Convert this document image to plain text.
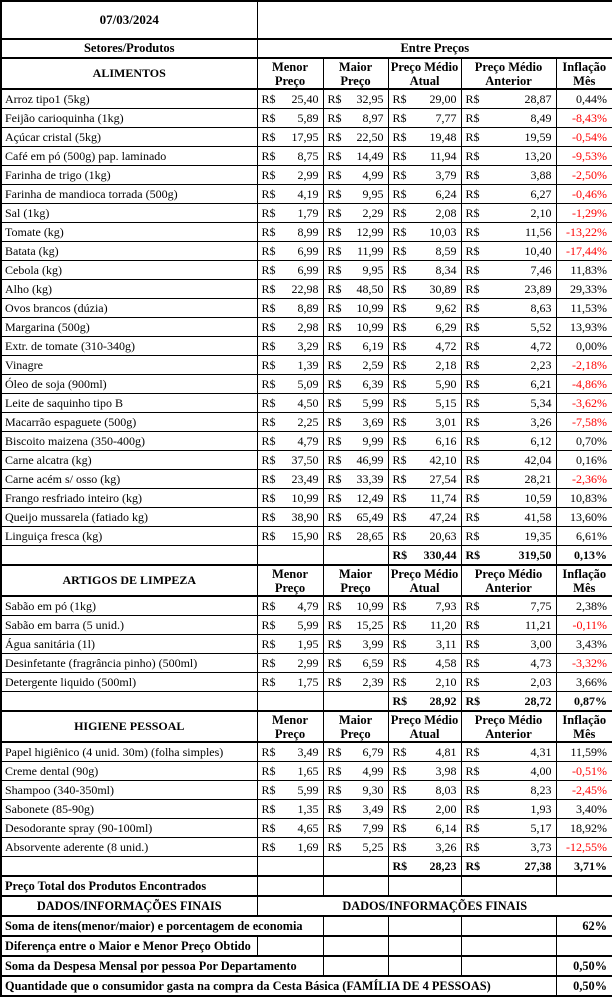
07/03/2024					
Setores/Produtos	Entre Preços				
ALIMENTOS	Menor Preço	Maior Preço	Preço Médio Atual	Preço Médio Anterior	Inflação Mês
Arroz tipo1 (5kg)	R$ 25,40	R$ 32,95	R$ 29,00	R$ 28,87	0,44%
Feijão carioquinha (1kg)	R$ 5,89	R$ 8,97	R$ 7,77	R$ 8,49	-8,43%
Açúcar cristal (5kg)	R$ 17,95	R$ 22,50	R$ 19,48	R$ 19,59	-0,54%
Café em pó (500g) pap. laminado	R$ 8,75	R$ 14,49	R$ 11,94	R$ 13,20	-9,53%
Farinha de trigo (1kg)	R$ 2,99	R$ 4,99	R$ 3,79	R$ 3,88	-2,50%
Farinha de mandioca torrada (500g)	R$ 4,19	R$ 9,95	R$ 6,24	R$ 6,27	-0,46%
Sal (1kg)	R$ 1,79	R$ 2,29	R$ 2,08	R$ 2,10	-1,29%
Tomate (kg)	R$ 8,99	R$ 12,99	R$ 10,03	R$ 11,56	-13,22%
Batata (kg)	R$ 6,99	R$ 11,99	R$ 8,59	R$ 10,40	-17,44%
Cebola (kg)	R$ 6,99	R$ 9,95	R$ 8,34	R$ 7,46	11,83%
Alho (kg)	R$ 22,98	R$ 48,50	R$ 30,89	R$ 23,89	29,33%
Ovos brancos (dúzia)	R$ 8,89	R$ 10,99	R$ 9,62	R$ 8,63	11,53%
Margarina (500g)	R$ 2,98	R$ 10,99	R$ 6,29	R$ 5,52	13,93%
Extr. de tomate (310-340g)	R$ 3,29	R$ 6,19	R$ 4,72	R$ 4,72	0,00%
Vinagre	R$ 1,39	R$ 2,59	R$ 2,18	R$ 2,23	-2,18%
Óleo de soja (900ml)	R$ 5,09	R$ 6,39	R$ 5,90	R$ 6,21	-4,86%
Leite de saquinho tipo B	R$ 4,50	R$ 5,99	R$ 5,15	R$ 5,34	-3,62%
Macarrão espaguete (500g)	R$ 2,25	R$ 3,69	R$ 3,01	R$ 3,26	-7,58%
Biscoito maizena (350-400g)	R$ 4,79	R$ 9,99	R$ 6,16	R$ 6,12	0,70%
Carne alcatra (kg)	R$ 37,50	R$ 46,99	R$ 42,10	R$ 42,04	0,16%
Carne acém s/ osso (kg)	R$ 23,49	R$ 33,39	R$ 27,54	R$ 28,21	-2,36%
Frango resfriado inteiro (kg)	R$ 10,99	R$ 12,49	R$ 11,74	R$ 10,59	10,83%
Queijo mussarela (fatiado kg)	R$ 38,90	R$ 65,49	R$ 47,24	R$ 41,58	13,60%
Linguiça fresca (kg)	R$ 15,90	R$ 28,65	R$ 20,63	R$ 19,35	6,61%

			R$ 330,44	R$ 319,50	0,13%
ARTIGOS DE LIMPEZA	Menor Preço	Maior Preço	Preço Médio Atual	Preço Médio Anterior	Inflação Mês
Sabão em pó (1kg)	R$ 4,79	R$ 10,99	R$ 7,93	R$ 7,75	2,38%
Sabão em barra (5 unid.)	R$ 5,99	R$ 15,25	R$ 11,20	R$ 11,21	-0,11%
Água sanitária (1l)	R$ 1,95	R$ 3,99	R$ 3,11	R$ 3,00	3,43%
Desinfetante (fragrância pinho) (500ml)	R$ 2,99	R$ 6,59	R$ 4,58	R$ 4,73	-3,32%
Detergente liquido (500ml)	R$ 1,75	R$ 2,39	R$ 2,10	R$ 2,03	3,66%

			R$ 28,92	R$ 28,72	0,87%
HIGIENE PESSOAL	Menor Preço	Maior Preço	Preço Médio Atual	Preço Médio Anterior	Inflação Mês
Papel higiênico (4 unid. 30m) (folha simples)	R$ 3,49	R$ 6,79	R$ 4,81	R$ 4,31	11,59%
Creme dental (90g)	R$ 1,65	R$ 4,99	R$ 3,98	R$ 4,00	-0,51%
Shampoo (340-350ml)	R$ 5,99	R$ 9,30	R$ 8,03	R$ 8,23	-2,45%
Sabonete (85-90g)	R$ 1,35	R$ 3,49	R$ 2,00	R$ 1,93	3,40%
Desodorante spray (90-100ml)	R$ 4,65	R$ 7,99	R$ 6,14	R$ 5,17	18,92%
Absorvente aderente (8 unid.)	R$ 1,69	R$ 5,25	R$ 3,26	R$ 3,73	-12,55%

			R$ 28,23	R$ 27,38	3,71%
Preço Total dos Produtos Encontrados					
DADOS/INFORMAÇÕES FINAIS	DADOS/INFORMAÇÕES FINAIS				
Soma de itens(menor/maior) e porcentagem de economia					62%
Diferença entre o Maior e Menor Preço Obtido					
Soma da Despesa Mensal por pessoa Por Departamento					0,50%
Quantidade que o consumidor gasta na compra da Cesta Básica (FAMÍLIA DE 4 PESSOAS)					0,50%
